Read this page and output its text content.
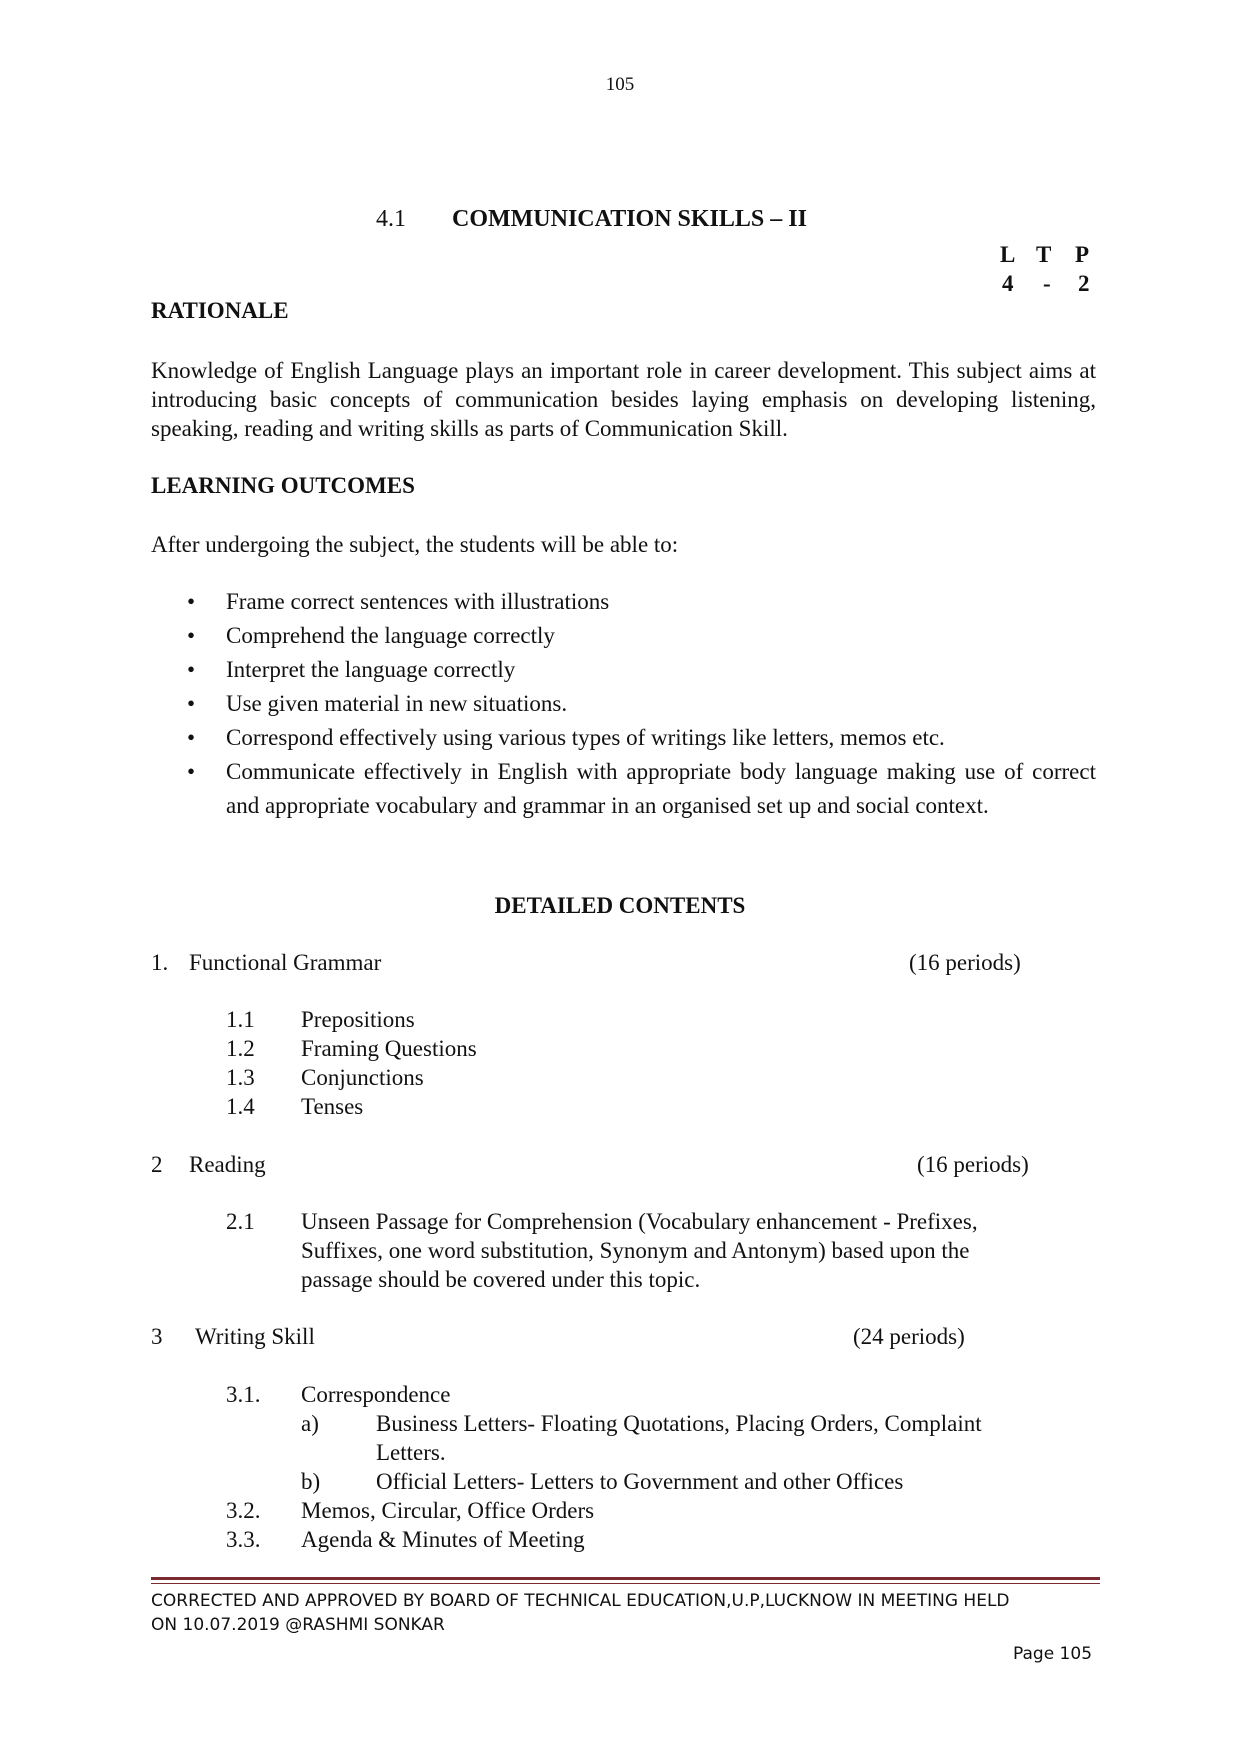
105
4.1 COMMUNICATION SKILLS – II
L T P
4 - 2
RATIONALE
Knowledge of English Language plays an important role in career development. This subject aims at introducing basic concepts of communication besides laying emphasis on developing listening, speaking, reading and writing skills as parts of Communication Skill.
LEARNING OUTCOMES
After undergoing the subject, the students will be able to:
• Frame correct sentences with illustrations
• Comprehend the language correctly
• Interpret the language correctly
• Use given material in new situations.
• Correspond effectively using various types of writings like letters, memos etc.
• Communicate effectively in English with appropriate body language making use of correct and appropriate vocabulary and grammar in an organised set up and social context.
DETAILED CONTENTS
1. Functional Grammar	(16 periods)
1.1 Prepositions
1.2 Framing Questions
1.3 Conjunctions
1.4 Tenses
2 Reading	(16 periods)
2.1 Unseen Passage for Comprehension (Vocabulary enhancement - Prefixes,
Suffixes, one word substitution, Synonym and Antonym) based upon the
passage should be covered under this topic.
3 Writing Skill	(24 periods)
3.1. Correspondence
a) Business Letters- Floating Quotations, Placing Orders, Complaint
Letters.
b) Official Letters- Letters to Government and other Offices
3.2. Memos, Circular, Office Orders
3.3. Agenda & Minutes of Meeting
CORRECTED AND APPROVED BY BOARD OF TECHNICAL EDUCATION,U.P,LUCKNOW IN MEETING HELD
ON 10.07.2019 @RASHMI SONKAR
Page 105
